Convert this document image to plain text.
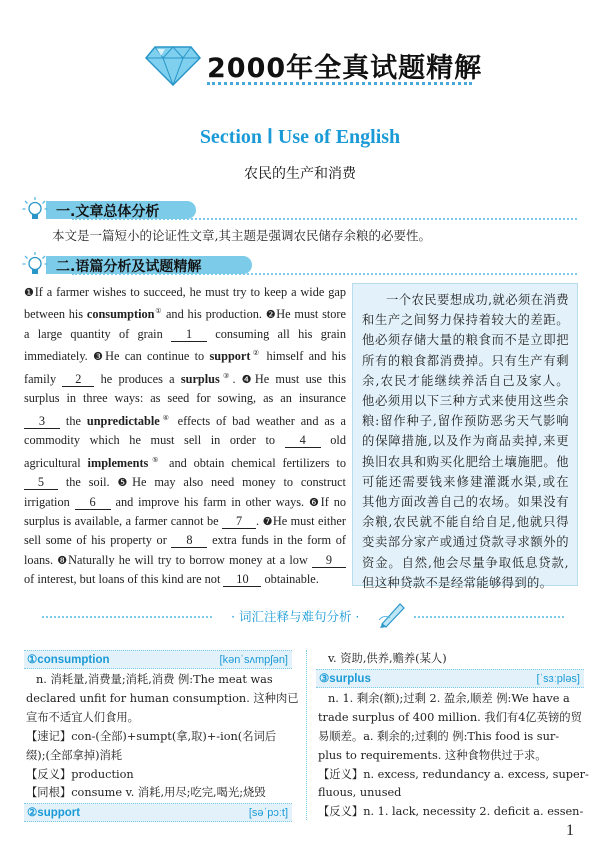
2000年全真试题精解
Section Ⅰ Use of English
农民的生产和消费
一.文章总体分析
本文是一篇短小的论证性文章,其主题是强调农民储存余粮的必要性。
二.语篇分析及试题精解
❶If a farmer wishes to succeed, he must try to keep a wide gap between his consumption① and his production. ❷He must store a large quantity of grain 1 consuming all his grain immediately. ❸He can continue to support② himself and his family 2 he produces a surplus③. ❹He must use this surplus in three ways: as seed for sowing, as an insurance 3 the unpredictable④ effects of bad weather and as a commodity which he must sell in order to 4 old agricultural implements⑤ and obtain chemical fertilizers to 5 the soil. ❺He may also need money to construct irrigation 6 and improve his farm in other ways. ❻If no surplus is available, a farmer cannot be 7 . ❼He must either sell some of his property or 8 extra funds in the form of loans. ❽Naturally he will try to borrow money at a low 9 of interest, but loans of this kind are not 10 obtainable.

一个农民要想成功,就必须在消费和生产之间努力保持着较大的差距。他必须存储大量的粮食而不是立即把所有的粮食都消费掉。只有生产有剩余,农民才能继续养活自己及家人。他必须用以下三种方式来使用这些余粮:留作种子,留作预防恶劣天气影响的保障措施,以及作为商品卖掉,来更换旧农具和购买化肥给土壤施肥。他可能还需要钱来修建灌溉水渠,或在其他方面改善自己的农场。如果没有余粮,农民就不能自给自足,他就只得变卖部分家产或通过贷款寻求额外的资金。自然,他会尽量争取低息贷款,但这种贷款不是经常能够得到的。

· 词汇注释与难句分析 ·
①consumption	[kənˈsʌmpʃən]
n. 消耗量,消费量;消耗,消费 例:The meat was
declared unfit for human consumption. 这种肉已
宣布不适宜人们食用。
【速记】con-(全部)+sumpt(拿,取)+-ion(名词后
缀);(全部拿掉)消耗
【反义】production
【同根】consume v. 消耗,用尽;吃完,喝光;烧毁
②support	[səˈpɔːt]
v. 资助,供养,赡养(某人)
③surplus	[ˈsɜːpləs]
n. 1. 剩余(额);过剩 2. 盈余,顺差 例:We have a
trade surplus of 400 million. 我们有4亿英镑的贸
易顺差。a. 剩余的;过剩的 例:This food is sur-
plus to requirements. 这种食物供过于求。
【近义】n. excess, redundancy a. excess, super-
fluous, unused
【反义】n. 1. lack, necessity 2. deficit a. essen-
1
